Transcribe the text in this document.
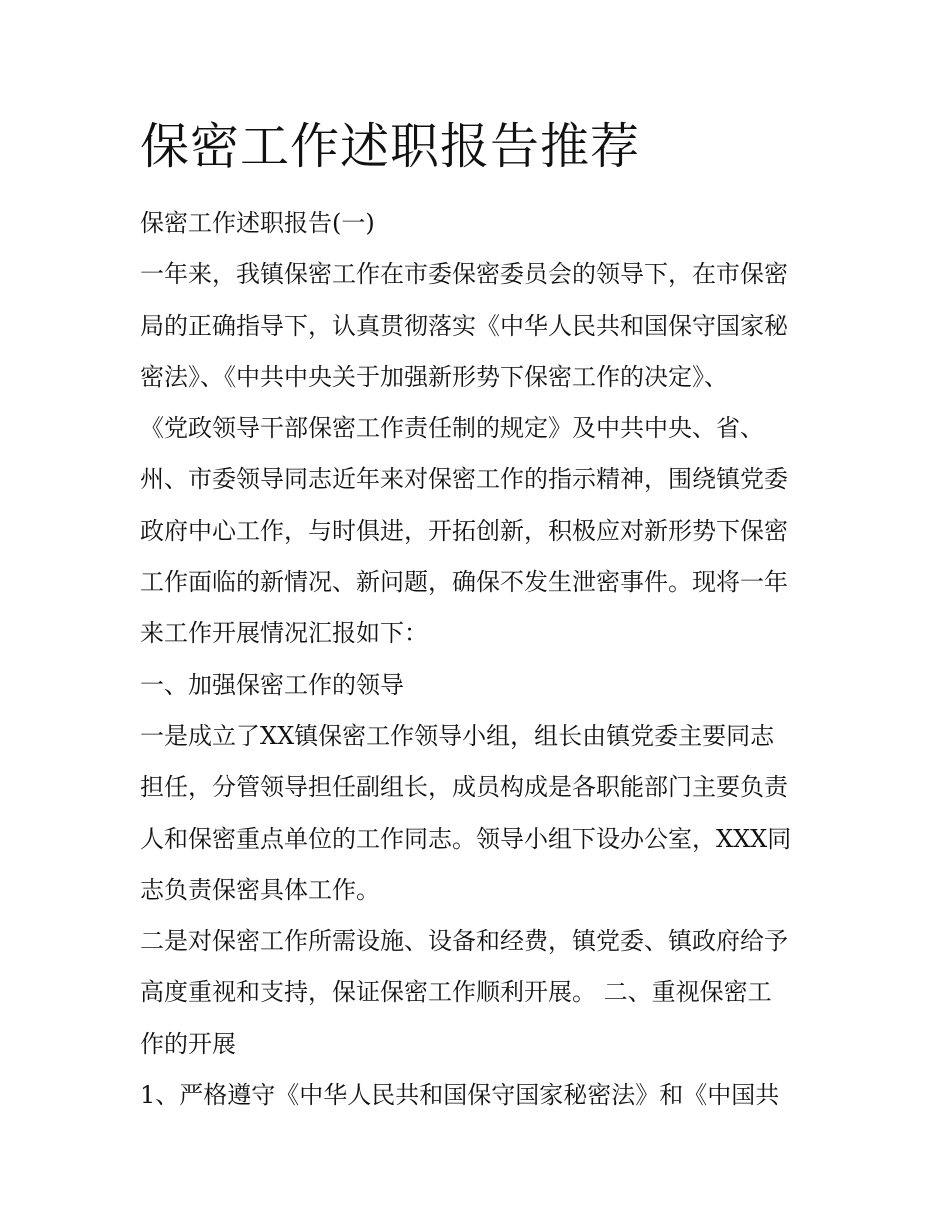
保密工作述职报告推荐
保密工作述职报告(一)
一年来，我镇保密工作在市委保密委员会的领导下，在市保密
局的正确指导下，认真贯彻落实《中华人民共和国保守国家秘
密法》、《中共中央关于加强新形势下保密工作的决定》、
《党政领导干部保密工作责任制的规定》及中共中央、省、
州、市委领导同志近年来对保密工作的指示精神，围绕镇党委
政府中心工作，与时俱进，开拓创新，积极应对新形势下保密
工作面临的新情况、新问题，确保不发生泄密事件。现将一年
来工作开展情况汇报如下：
一、加强保密工作的领导
一是成立了XX镇保密工作领导小组，组长由镇党委主要同志
担任，分管领导担任副组长，成员构成是各职能部门主要负责
人和保密重点单位的工作同志。领导小组下设办公室，XXX同
志负责保密具体工作。
二是对保密工作所需设施、设备和经费，镇党委、镇政府给予
高度重视和支持，保证保密工作顺利开展。 二、重视保密工
作的开展
1、严格遵守《中华人民共和国保守国家秘密法》和《中国共
